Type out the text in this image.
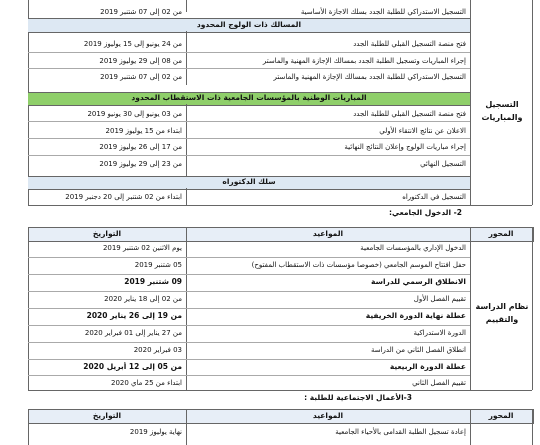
من 02 إلى 07 شتنبر 2019	التسجيل الاستدراكي للطلبة الجدد بسلك الاجازة الأساسية
المسالك ذات الولوج المحدود
من 24 يونيو إلى 15 يوليوز 2019	فتح منصة التسجيل القبلي للطلبة الجدد
من 08 إلى 29 يوليوز 2019	إجراء المباريات وتسجيل الطلبة الجدد بمسالك الإجازة المهنية والماستر
من 02 إلى 07 شتنبر 2019	التسجيل الاستدراكي للطلبة الجدد بمسالك الإجازة المهنية والماستر
المباريات الوطنية بالمؤسسات الجامعية ذات الاستقطاب المحدود
من 03 يونيو إلى 30 يونيو 2019	فتح منصة التسجيل القبلي للطلبة الجدد
ابتداء من 15 يوليوز 2019	الاعلان عن نتائج الانتقاء الأولي
من 17 إلى 26 يوليوز 2019	إجراء مباريات الولوج وإعلان النتائج النهائية
من 23 إلى 29 يوليوز 2019	التسجيل النهائي
سلك الدكتوراه
ابتداء من 02 شتنبر إلى 20 دجنبر 2019	التسجيل في الدكتوراه
التسجيل والمباريات
2- الدخول الجامعي:
التواريخ	المواعيد	المحور
يوم الاثنين 02 شتنبر 2019	الدخول الإداري بالمؤسسات الجامعية
05 شتنبر 2019	حفل افتتاح الموسم الجامعي (خصوصا مؤسسات ذات الاستقطاب المفتوح)
09 شتنبر 2019	الانطلاق الرسمي للدراسة
من 02 إلى 18 يناير 2020	تقييم الفصل الأول
من 19 إلى 26 يناير 2020	عطلة نهاية الدورة الخريفية
من 27 يناير إلى 01 فبراير 2020	الدورة الاستدراكية
03 فبراير 2020	انطلاق الفصل الثاني من الدراسة
من 05 إلى 12 أبريل 2020	عطلة الدورة الربيعية
ابتداء من 25 ماي 2020	تقييم الفصل الثاني
نظام الدراسة والتقييم
3-الأعمال الاجتماعية للطلبة :
التواريخ	المواعيد	المحور
نهاية يوليوز 2019	إعادة تسجيل الطلبة القدامى بالأحياء الجامعية
